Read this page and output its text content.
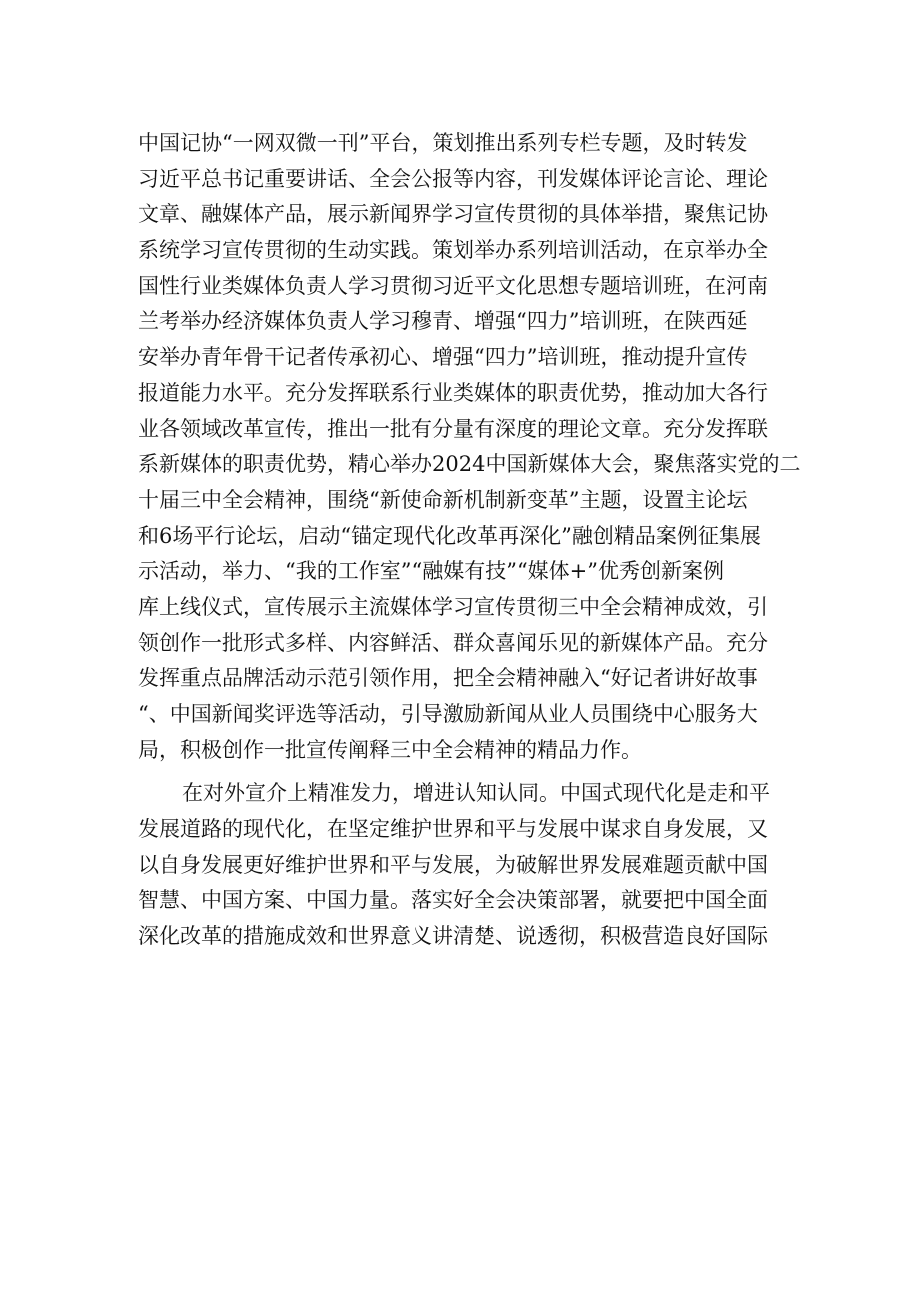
中国记协“一网双微一刊”平台，策划推出系列专栏专题，及时转发
习近平总书记重要讲话、全会公报等内容，刊发媒体评论言论、理论
文章、融媒体产品，展示新闻界学习宣传贯彻的具体举措，聚焦记协
系统学习宣传贯彻的生动实践。策划举办系列培训活动，在京举办全
国性行业类媒体负责人学习贯彻习近平文化思想专题培训班，在河南
兰考举办经济媒体负责人学习穆青、增强“四力”培训班，在陕西延
安举办青年骨干记者传承初心、增强“四力”培训班，推动提升宣传
报道能力水平。充分发挥联系行业类媒体的职责优势，推动加大各行
业各领域改革宣传，推出一批有分量有深度的理论文章。充分发挥联
系新媒体的职责优势，精心举办2024中国新媒体大会，聚焦落实党的二
十届三中全会精神，围绕“新使命新机制新变革”主题，设置主论坛
和6场平行论坛，启动“锚定现代化改革再深化”融创精品案例征集展
示活动，举力、“我的工作室”“融媒有技”“媒体+”优秀创新案例
库上线仪式，宣传展示主流媒体学习宣传贯彻三中全会精神成效，引
领创作一批形式多样、内容鲜活、群众喜闻乐见的新媒体产品。充分
发挥重点品牌活动示范引领作用，把全会精神融入“好记者讲好故事
“、中国新闻奖评选等活动，引导激励新闻从业人员围绕中心服务大
局，积极创作一批宣传阐释三中全会精神的精品力作。
在对外宣介上精准发力，增进认知认同。中国式现代化是走和平
发展道路的现代化，在坚定维护世界和平与发展中谋求自身发展，又
以自身发展更好维护世界和平与发展，为破解世界发展难题贡献中国
智慧、中国方案、中国力量。落实好全会决策部署，就要把中国全面
深化改革的措施成效和世界意义讲清楚、说透彻，积极营造良好国际
